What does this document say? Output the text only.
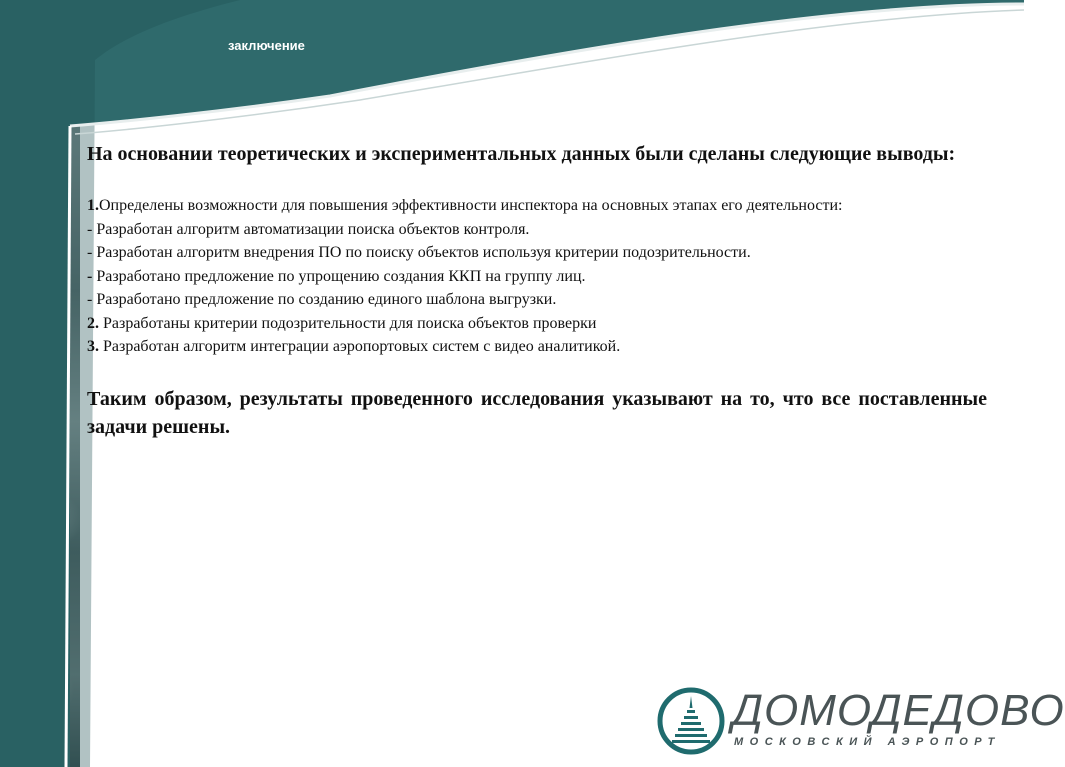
заключение

На основании теоретических и экспериментальных данных были сделаны следующие выводы:

1.Определены возможности для повышения эффективности инспектора на основных этапах его деятельности:

- Разработан алгоритм автоматизации поиска объектов контроля.

- Разработан алгоритм внедрения ПО по поиску объектов используя критерии подозрительности.

- Разработано предложение по упрощению создания ККП на группу лиц.

- Разработано предложение по созданию единого шаблона выгрузки.

2. Разработаны критерии подозрительности для поиска объектов проверки

3. Разработан алгоритм интеграции аэропортовых систем с видео аналитикой.

Таким образом, результаты проведенного исследования указывают на то, что все поставленные задачи решены.

ДОМОДЕДОВО
МОСКОВСКИЙ АЭРОПОРТ
